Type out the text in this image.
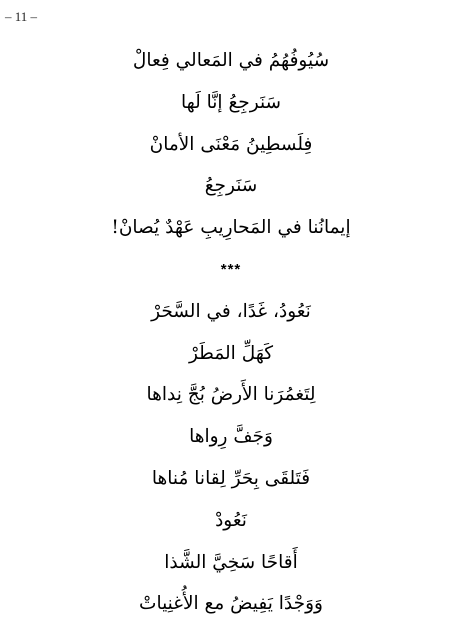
– 11 –
سُيُوفُهُمُ في المَعالي فِعالْ
سَنَرجِعُ إنَّا لَها
فِلَسطِينُ مَعْنَى الأمانْ
سَنَرجِعُ
إيمانُنا في المَحارِيبِ عَهْدٌ يُصانْ!
***
نَعُودُ، غَدًا، في السَّحَرْ
كَهَلِّ المَطَرْ
لِتَغمُرَنا الأَرضُ بُجَّ نِداها
وَجَفَّ رِواها
فَتَلقَى بِحَرِّ لِقانا مُناها
نَعُودْ
أَقاحًا سَخِيَّ الشَّذا
وَوَجْدًا يَفِيضُ مع الأُغنِياتْ
